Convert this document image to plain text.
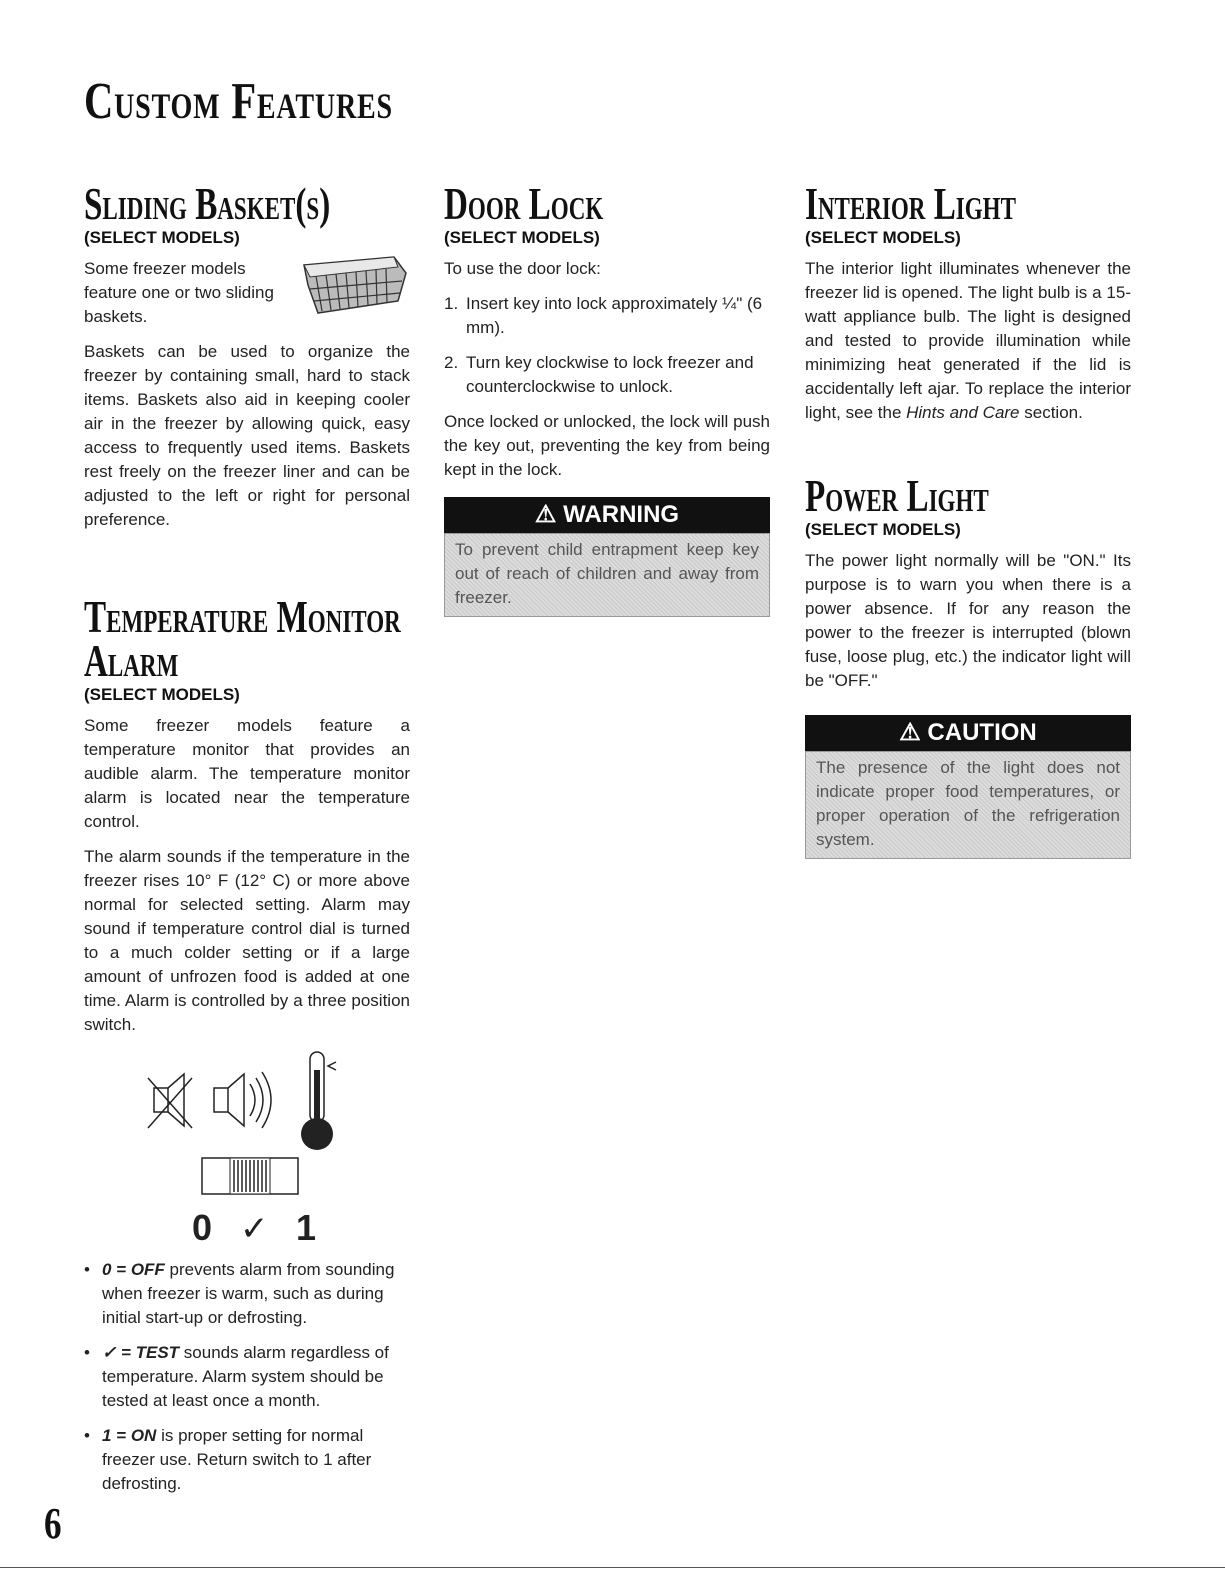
Custom Features
Sliding Basket(s)
(SELECT MODELS)

Some freezer models feature one or two sliding baskets.

Baskets can be used to organize the freezer by containing small, hard to stack items. Baskets also aid in keeping cooler air in the freezer by allowing quick, easy access to frequently used items. Baskets rest freely on the freezer liner and can be adjusted to the left or right for personal preference.

Temperature Monitor
Alarm
(SELECT MODELS)

Some freezer models feature a temperature monitor that provides an audible alarm. The temperature monitor alarm is located near the temperature control.

The alarm sounds if the temperature in the freezer rises 10° F (12° C) or more above normal for selected setting. Alarm may sound if temperature control dial is turned to a much colder setting or if a large amount of unfrozen food is added at one time. Alarm is controlled by a three position switch.

0 ✓ 1
• 0 = OFF prevents alarm from sounding when freezer is warm, such as during initial start-up or defrosting.
• ✓ = TEST sounds alarm regardless of temperature. Alarm system should be tested at least once a month.
• 1 = ON is proper setting for normal freezer use. Return switch to 1 after defrosting.
Door Lock
(SELECT MODELS)

To use the door lock:

1. Insert key into lock approximately ¼" (6 mm).
2. Turn key clockwise to lock freezer and counterclockwise to unlock.

Once locked or unlocked, the lock will push the key out, preventing the key from being kept in the lock.

⚠ WARNING
To prevent child entrapment keep key out of reach of children and away from freezer.
Interior Light
(SELECT MODELS)

The interior light illuminates whenever the freezer lid is opened. The light bulb is a 15-watt appliance bulb. The light is designed and tested to provide illumination while minimizing heat generated if the lid is accidentally left ajar. To replace the interior light, see the Hints and Care section.

Power Light
(SELECT MODELS)

The power light normally will be "ON." Its purpose is to warn you when there is a power absence. If for any reason the power to the freezer is interrupted (blown fuse, loose plug, etc.) the indicator light will be "OFF."

⚠ CAUTION
The presence of the light does not indicate proper food temperatures, or proper operation of the refrigeration system.
6
